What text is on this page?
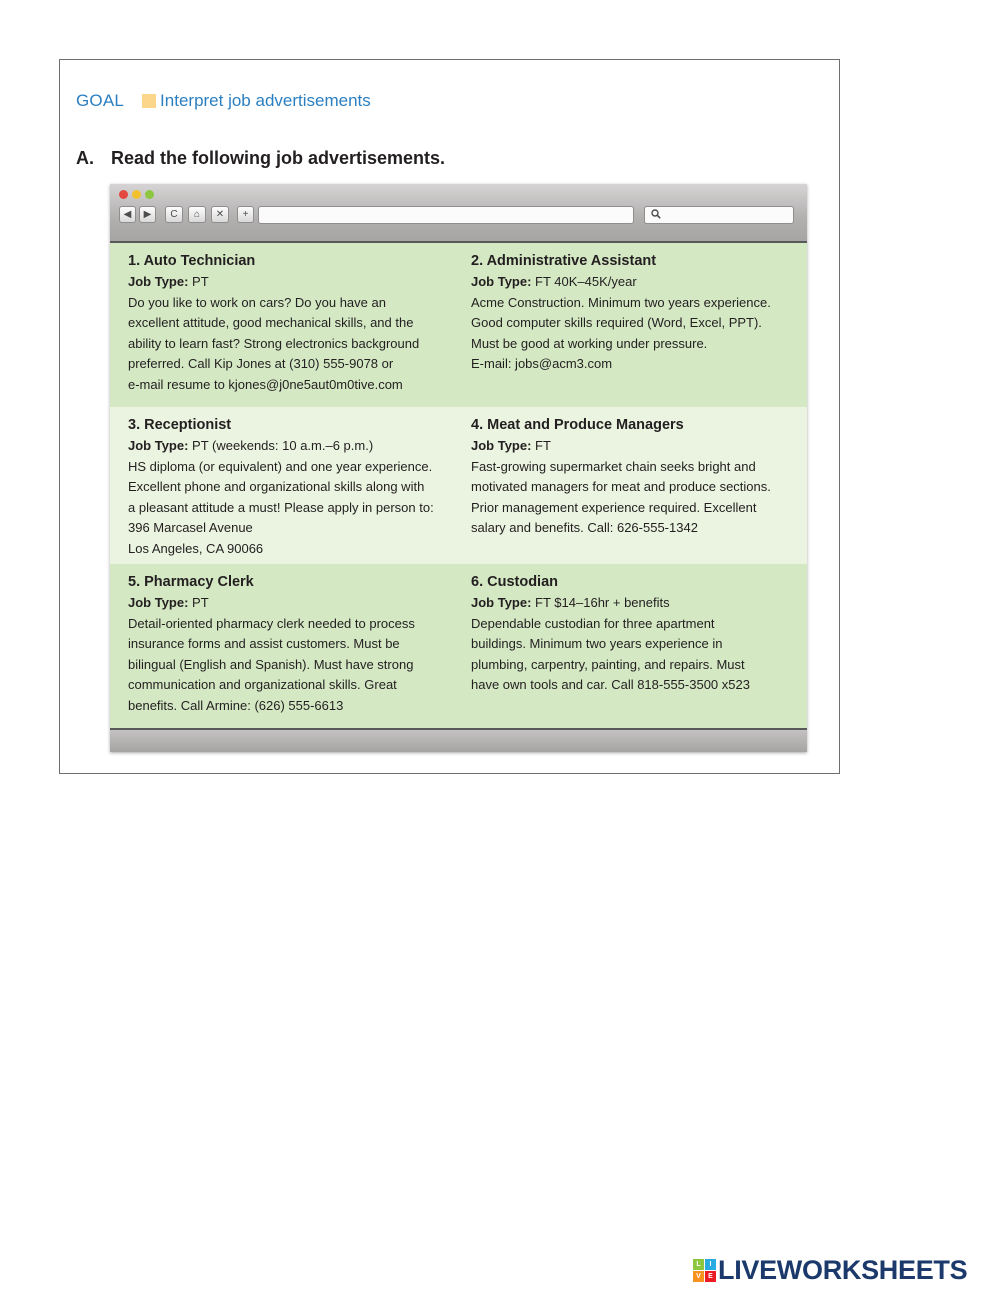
GOAL Interpret job advertisements
A. Read the following job advertisements.
◀	▶	C	⌂	✕	+
1. Auto Technician
Job Type: PT

Do you like to work on cars? Do you have an
excellent attitude, good mechanical skills, and the
ability to learn fast? Strong electronics background
preferred. Call Kip Jones at (310) 555-9078 or
e-mail resume to kjones@j0ne5aut0m0tive.com

2. Administrative Assistant
Job Type: FT 40K–45K/year

Acme Construction. Minimum two years experience.
Good computer skills required (Word, Excel, PPT).
Must be good at working under pressure.
E-mail: jobs@acm3.com

3. Receptionist
Job Type: PT (weekends: 10 a.m.–6 p.m.)

HS diploma (or equivalent) and one year experience.
Excellent phone and organizational skills along with
a pleasant attitude a must! Please apply in person to:
396 Marcasel Avenue
Los Angeles, CA 90066

4. Meat and Produce Managers
Job Type: FT

Fast-growing supermarket chain seeks bright and
motivated managers for meat and produce sections.
Prior management experience required. Excellent
salary and benefits. Call: 626-555-1342

5. Pharmacy Clerk
Job Type: PT

Detail-oriented pharmacy clerk needed to process
insurance forms and assist customers. Must be
bilingual (English and Spanish). Must have strong
communication and organizational skills. Great
benefits. Call Armine: (626) 555-6613

6. Custodian
Job Type: FT $14–16hr + benefits

Dependable custodian for three apartment
buildings. Minimum two years experience in
plumbing, carpentry, painting, and repairs. Must
have own tools and car. Call 818-555-3500 x523

L	I
V	E LIVEWORKSHEETS
